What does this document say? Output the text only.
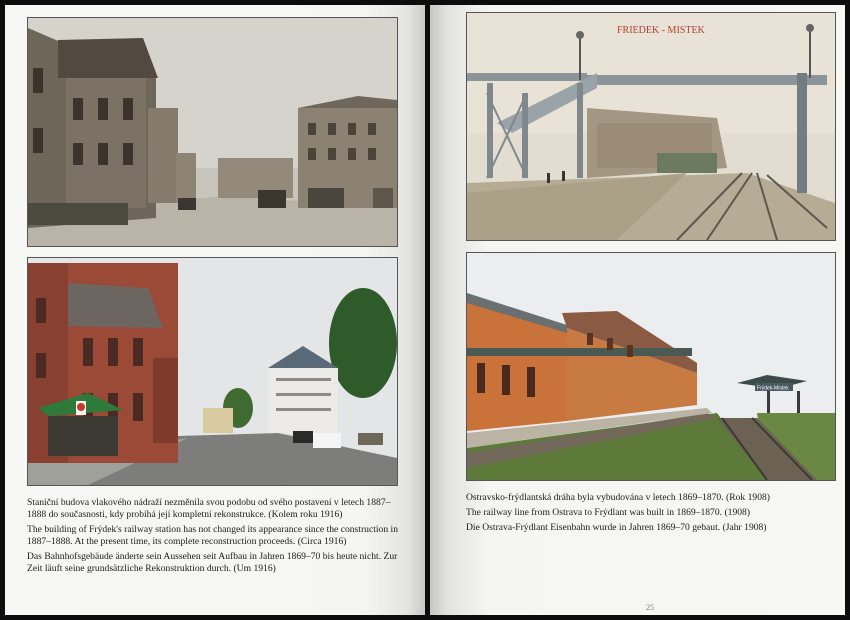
Staniční budova vlakového nádraží nezměnila svou podobu od svého postavení v letech 1887–1888 do současnosti, kdy probíhá její kompletní rekonstrukce. (Kolem roku 1916)

The building of Frýdek's railway station has not changed its appearance since the construction in 1887–1888. At the present time, its complete reconstruction proceeds. (Circa 1916)

Das Bahnhofsgebäude änderte sein Aussehen seit Aufbau in Jahren 1869–70 bis heute nicht. Zur Zeit läuft seine grundsätzliche Rekonstruktion durch. (Um 1916)

FRIEDEK - MISTEK
Frýdek-Místek

Ostravsko-frýdlantská dráha byla vybudována v letech 1869–1870. (Rok 1908)

The railway line from Ostrava to Frýdlant was built in 1869–1870. (1908)

Die Ostrava-Frýdlant Eisenbahn wurde in Jahren 1869–70 gebaut. (Jahr 1908)

25
